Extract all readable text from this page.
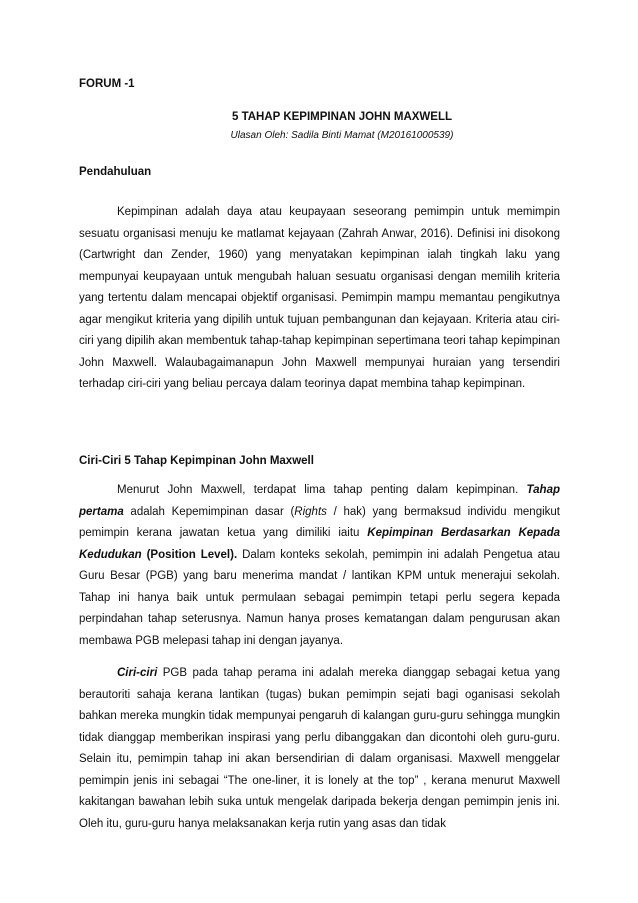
FORUM -1
5 TAHAP KEPIMPINAN JOHN MAXWELL
Ulasan Oleh: Sadila Binti Mamat (M20161000539)
Pendahuluan

Kepimpinan adalah daya atau keupayaan seseorang pemimpin untuk memimpin sesuatu organisasi menuju ke matlamat kejayaan (Zahrah Anwar, 2016). Definisi ini disokong (Cartwright dan Zender, 1960) yang menyatakan kepimpinan ialah tingkah laku yang mempunyai keupayaan untuk mengubah haluan sesuatu organisasi dengan memilih kriteria yang tertentu dalam mencapai objektif organisasi. Pemimpin mampu memantau pengikutnya agar mengikut kriteria yang dipilih untuk tujuan pembangunan dan kejayaan. Kriteria atau ciri-ciri yang dipilih akan membentuk tahap-tahap kepimpinan sepertimana teori tahap kepimpinan John Maxwell. Walaubagaimanapun John Maxwell mempunyai huraian yang tersendiri terhadap ciri-ciri yang beliau percaya dalam teorinya dapat membina tahap kepimpinan.

Ciri-Ciri 5 Tahap Kepimpinan John Maxwell

Menurut John Maxwell, terdapat lima tahap penting dalam kepimpinan. Tahap pertama adalah Kepemimpinan dasar (Rights / hak) yang bermaksud individu mengikut pemimpin kerana jawatan ketua yang dimiliki iaitu Kepimpinan Berdasarkan Kepada Kedudukan (Position Level). Dalam konteks sekolah, pemimpin ini adalah Pengetua atau Guru Besar (PGB) yang baru menerima mandat / lantikan KPM untuk menerajui sekolah. Tahap ini hanya baik untuk permulaan sebagai pemimpin tetapi perlu segera kepada perpindahan tahap seterusnya. Namun hanya proses kematangan dalam pengurusan akan membawa PGB melepasi tahap ini dengan jayanya.

Ciri-ciri PGB pada tahap perama ini adalah mereka dianggap sebagai ketua yang berautoriti sahaja kerana lantikan (tugas) bukan pemimpin sejati bagi oganisasi sekolah bahkan mereka mungkin tidak mempunyai pengaruh di kalangan guru-guru sehingga mungkin tidak dianggap memberikan inspirasi yang perlu dibanggakan dan dicontohi oleh guru-guru. Selain itu, pemimpin tahap ini akan bersendirian di dalam organisasi. Maxwell menggelar pemimpin jenis ini sebagai “The one-liner, it is lonely at the top” , kerana menurut Maxwell kakitangan bawahan lebih suka untuk mengelak daripada bekerja dengan pemimpin jenis ini. Oleh itu, guru-guru hanya melaksanakan kerja rutin yang asas dan tidak
